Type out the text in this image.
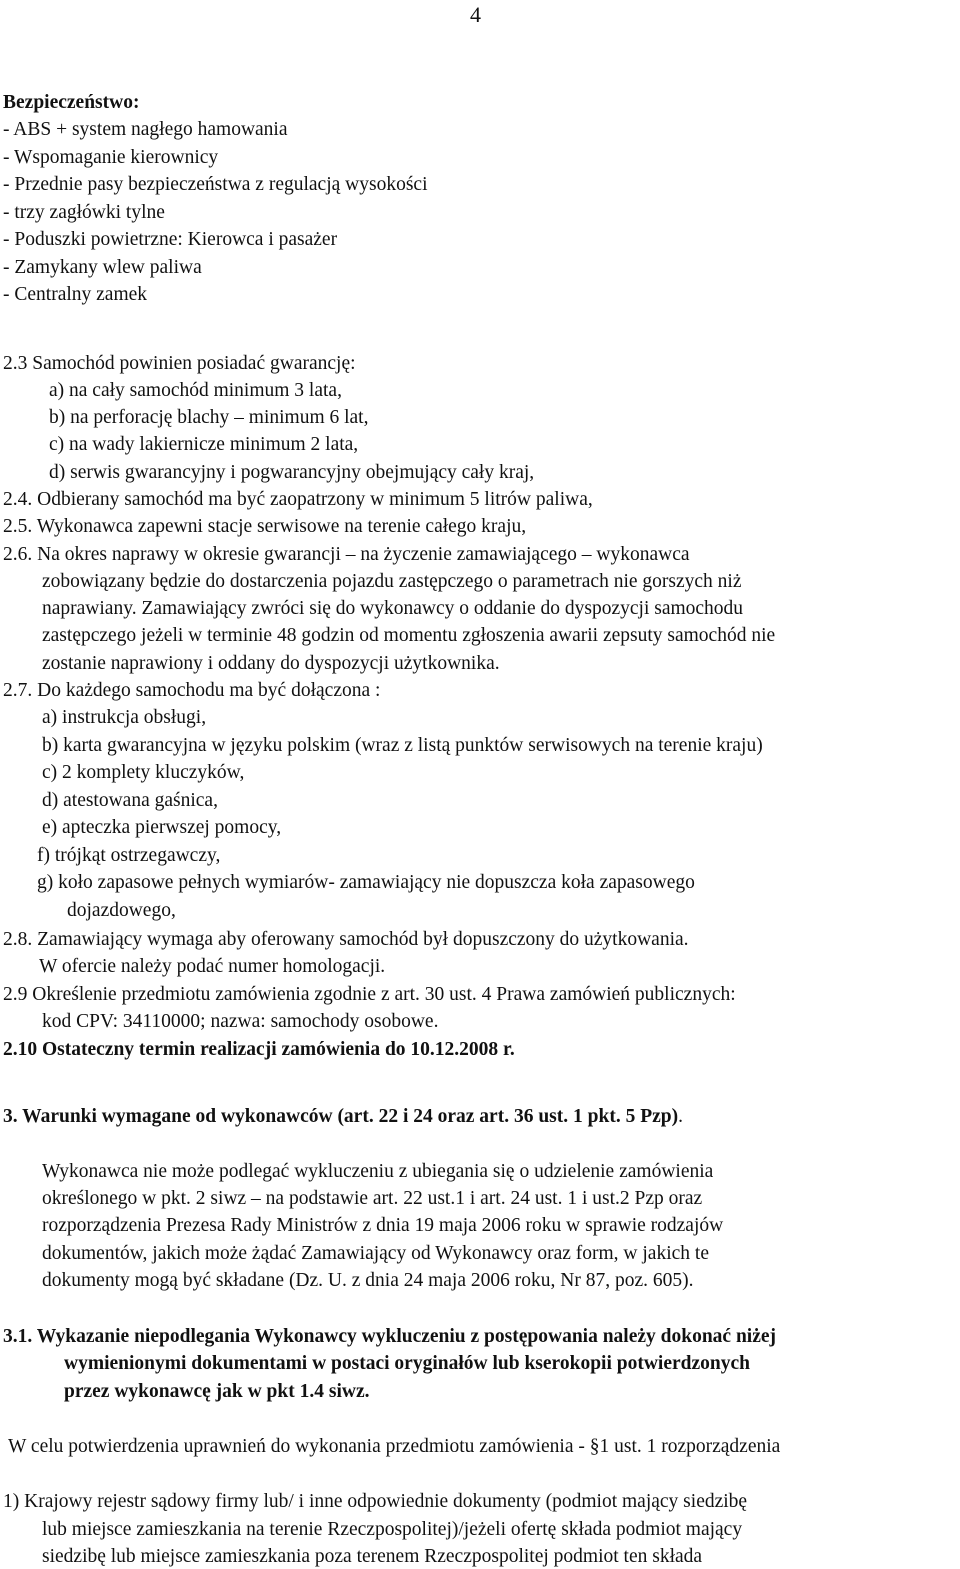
4
Bezpieczeństwo:
- ABS + system nagłego hamowania
- Wspomaganie kierownicy
- Przednie pasy bezpieczeństwa z regulacją wysokości
- trzy zagłówki tylne
- Poduszki powietrzne: Kierowca i pasażer
- Zamykany wlew paliwa
- Centralny zamek
2.3 Samochód powinien posiadać gwarancję:
a) na cały samochód minimum 3 lata,
b) na perforację blachy – minimum 6 lat,
c) na wady lakiernicze minimum 2 lata,
d) serwis gwarancyjny i pogwarancyjny obejmujący cały kraj,
2.4. Odbierany samochód ma być zaopatrzony w minimum 5 litrów paliwa,
2.5. Wykonawca zapewni stacje serwisowe na terenie całego kraju,
2.6. Na okres naprawy w okresie gwarancji – na życzenie zamawiającego – wykonawca
zobowiązany będzie do dostarczenia pojazdu zastępczego o parametrach nie gorszych niż
naprawiany. Zamawiający zwróci się do wykonawcy o oddanie do dyspozycji samochodu
zastępczego jeżeli w terminie 48 godzin od momentu zgłoszenia awarii zepsuty samochód nie
zostanie naprawiony i oddany do dyspozycji użytkownika.
2.7. Do każdego samochodu ma być dołączona :
a) instrukcja obsługi,
b) karta gwarancyjna w języku polskim (wraz z listą punktów serwisowych na terenie kraju)
c) 2 komplety kluczyków,
d) atestowana gaśnica,
e) apteczka pierwszej pomocy,
f) trójkąt ostrzegawczy,
g) koło zapasowe pełnych wymiarów- zamawiający nie dopuszcza koła zapasowego
dojazdowego,
2.8. Zamawiający wymaga aby oferowany samochód był dopuszczony do użytkowania.
W ofercie należy podać numer homologacji.
2.9 Określenie przedmiotu zamówienia zgodnie z art. 30 ust. 4 Prawa zamówień publicznych:
kod CPV: 34110000; nazwa: samochody osobowe.
2.10 Ostateczny termin realizacji zamówienia do 10.12.2008 r.
3. Warunki wymagane od wykonawców (art. 22 i 24 oraz art. 36 ust. 1 pkt. 5 Pzp).
Wykonawca nie może podlegać wykluczeniu z ubiegania się o udzielenie zamówienia
określonego w pkt. 2 siwz – na podstawie art. 22 ust.1 i art. 24 ust. 1 i ust.2 Pzp oraz
rozporządzenia Prezesa Rady Ministrów z dnia 19 maja 2006 roku w sprawie rodzajów
dokumentów, jakich może żądać Zamawiający od Wykonawcy oraz form, w jakich te
dokumenty mogą być składane (Dz. U. z dnia 24 maja 2006 roku, Nr 87, poz. 605).
3.1. Wykazanie niepodlegania Wykonawcy wykluczeniu z postępowania należy dokonać niżej
wymienionymi dokumentami w postaci oryginałów lub kserokopii potwierdzonych
przez wykonawcę jak w pkt 1.4 siwz.
W celu potwierdzenia uprawnień do wykonania przedmiotu zamówienia - §1 ust. 1 rozporządzenia
1) Krajowy rejestr sądowy firmy lub/ i inne odpowiednie dokumenty (podmiot mający siedzibę
lub miejsce zamieszkania na terenie Rzeczpospolitej)/jeżeli ofertę składa podmiot mający
siedzibę lub miejsce zamieszkania poza terenem Rzeczpospolitej podmiot ten składa
